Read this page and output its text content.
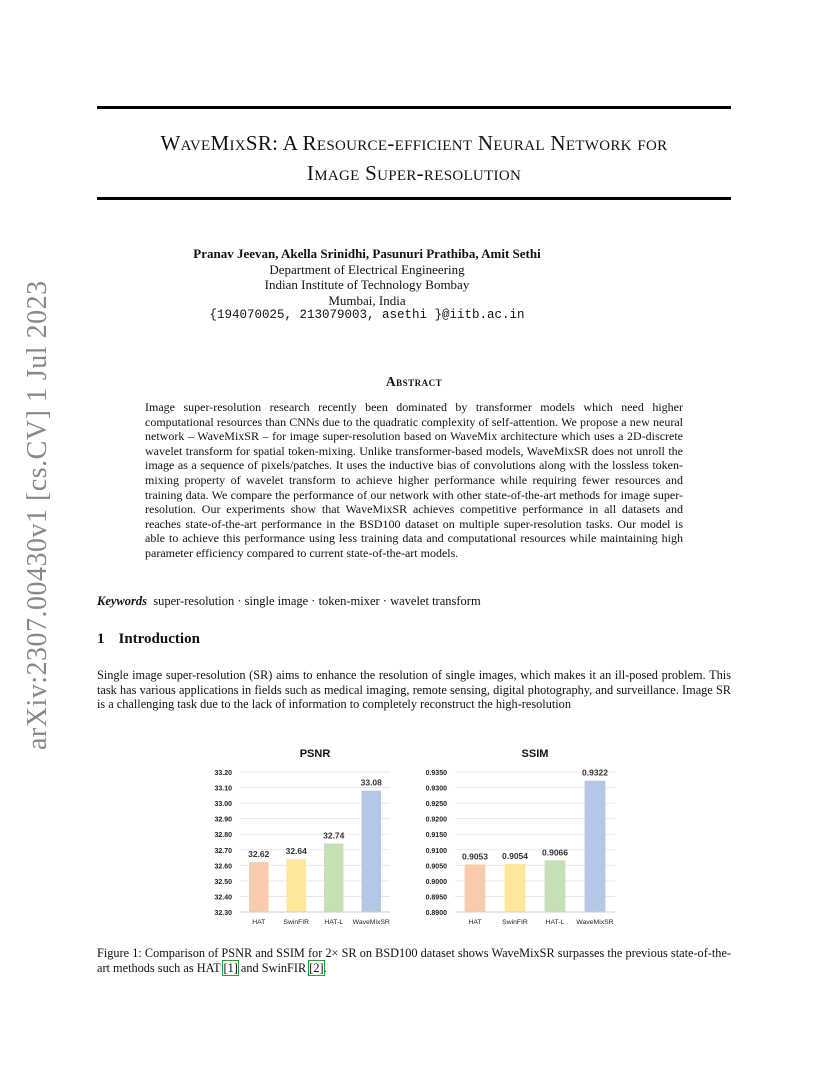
WaveMixSR: A Resource-efficient Neural Network for
Image Super-resolution
arXiv:2307.00430v1 [cs.CV] 1 Jul 2023
Pranav Jeevan, Akella Srinidhi, Pasunuri Prathiba, Amit Sethi
Department of Electrical Engineering
Indian Institute of Technology Bombay
Mumbai, India
{194070025, 213079003, asethi }@iitb.ac.in
Abstract
Image super-resolution research recently been dominated by transformer models which need higher computational resources than CNNs due to the quadratic complexity of self-attention. We propose a new neural network – WaveMixSR – for image super-resolution based on WaveMix architecture which uses a 2D-discrete wavelet transform for spatial token-mixing. Unlike transformer-based models, WaveMixSR does not unroll the image as a sequence of pixels/patches. It uses the inductive bias of convolutions along with the lossless token-mixing property of wavelet transform to achieve higher performance while requiring fewer resources and training data. We compare the performance of our network with other state-of-the-art methods for image super-resolution. Our experiments show that WaveMixSR achieves competitive performance in all datasets and reaches state-of-the-art performance in the BSD100 dataset on multiple super-resolution tasks. Our model is able to achieve this performance using less training data and computational resources while maintaining high parameter efficiency compared to current state-of-the-art models.
Keywords super-resolution · single image · token-mixer · wavelet transform
1 Introduction
Single image super-resolution (SR) aims to enhance the resolution of single images, which makes it an ill-posed problem. This task has various applications in fields such as medical imaging, remote sensing, digital photography, and surveillance. Image SR is a challenging task due to the lack of information to completely reconstruct the high-resolution
PSNR
33.20
33.10
33.00
32.90
32.80
32.70
32.60
32.50
32.40
32.30
32.62
HAT
32.64
SwinFIR
32.74
HAT-L
33.08
WaveMixSR
SSIM
0.9350
0.9300
0.9250
0.9200
0.9150
0.9100
0.9050
0.9000
0.8950
0.8900
0.9053
HAT
0.9054
SwinFIR
0.9066
HAT-L
0.9322
WaveMixSR
Figure 1: Comparison of PSNR and SSIM for 2× SR on BSD100 dataset shows WaveMixSR surpasses the previous state-of-the-art methods such as HAT [1] and SwinFIR [2].
